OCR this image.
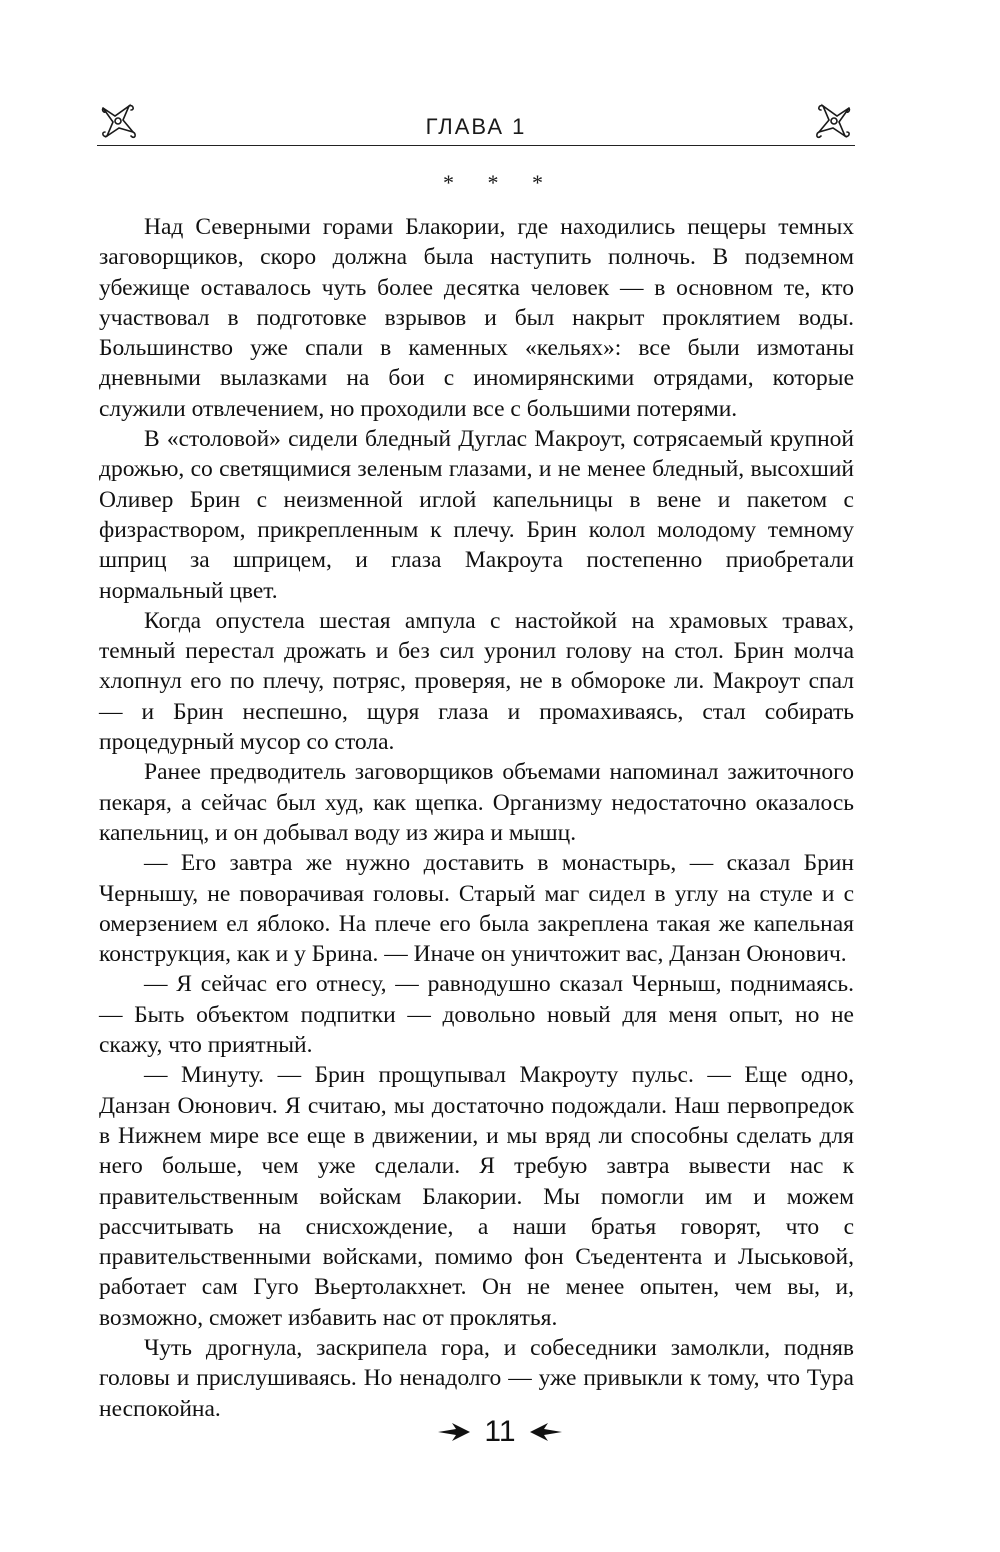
ГЛАВА 1
* * *

Над Северными горами Блакории, где находились пещеры темных заговорщиков, скоро должна была наступить полночь. В подземном убежище оставалось чуть более десятка человек — в основном те, кто участвовал в подготовке взрывов и был накрыт проклятием воды. Большинство уже спали в каменных «кельях»: все были измотаны дневными вылазками на бои с иномирянскими отрядами, которые служили отвлечением, но проходили все с большими потерями.

В «столовой» сидели бледный Дуглас Макроут, сотрясаемый крупной дрожью, со светящимися зеленым глазами, и не менее бледный, высохший Оливер Брин с неизменной иглой капельницы в вене и пакетом с физраствором, прикрепленным к плечу. Брин колол молодому темному шприц за шприцем, и глаза Макроута постепенно приобретали нормальный цвет.

Когда опустела шестая ампула с настойкой на храмовых травах, темный перестал дрожать и без сил уронил голову на стол. Брин молча хлопнул его по плечу, потряс, проверяя, не в обмороке ли. Макроут спал — и Брин неспешно, щуря глаза и промахиваясь, стал собирать процедурный мусор со стола.

Ранее предводитель заговорщиков объемами напоминал зажиточного пекаря, а сейчас был худ, как щепка. Организму недостаточно оказалось капельниц, и он добывал воду из жира и мышц.

— Его завтра же нужно доставить в монастырь, — сказал Брин Чернышу, не поворачивая головы. Старый маг сидел в углу на стуле и с омерзением ел яблоко. На плече его была закреплена такая же капельная конструкция, как и у Брина. — Иначе он уничтожит вас, Данзан Оюнович.

— Я сейчас его отнесу, — равнодушно сказал Черныш, поднимаясь. — Быть объектом подпитки — довольно новый для меня опыт, но не скажу, что приятный.

— Минуту. — Брин прощупывал Макроуту пульс. — Еще одно, Данзан Оюнович. Я считаю, мы достаточно подождали. Наш первопредок в Нижнем мире все еще в движении, и мы вряд ли способны сделать для него больше, чем уже сделали. Я требую завтра вывести нас к правительственным войскам Блакории. Мы помогли им и можем рассчитывать на снисхождение, а наши братья говорят, что с правительственными войсками, помимо фон Съедентента и Лыськовой, работает сам Гуго Вьертолакхнет. Он не менее опытен, чем вы, и, возможно, сможет избавить нас от проклятья.

Чуть дрогнула, заскрипела гора, и собеседники замолкли, подняв головы и прислушиваясь. Но ненадолго — уже привыкли к тому, что Тура неспокойна.

11
